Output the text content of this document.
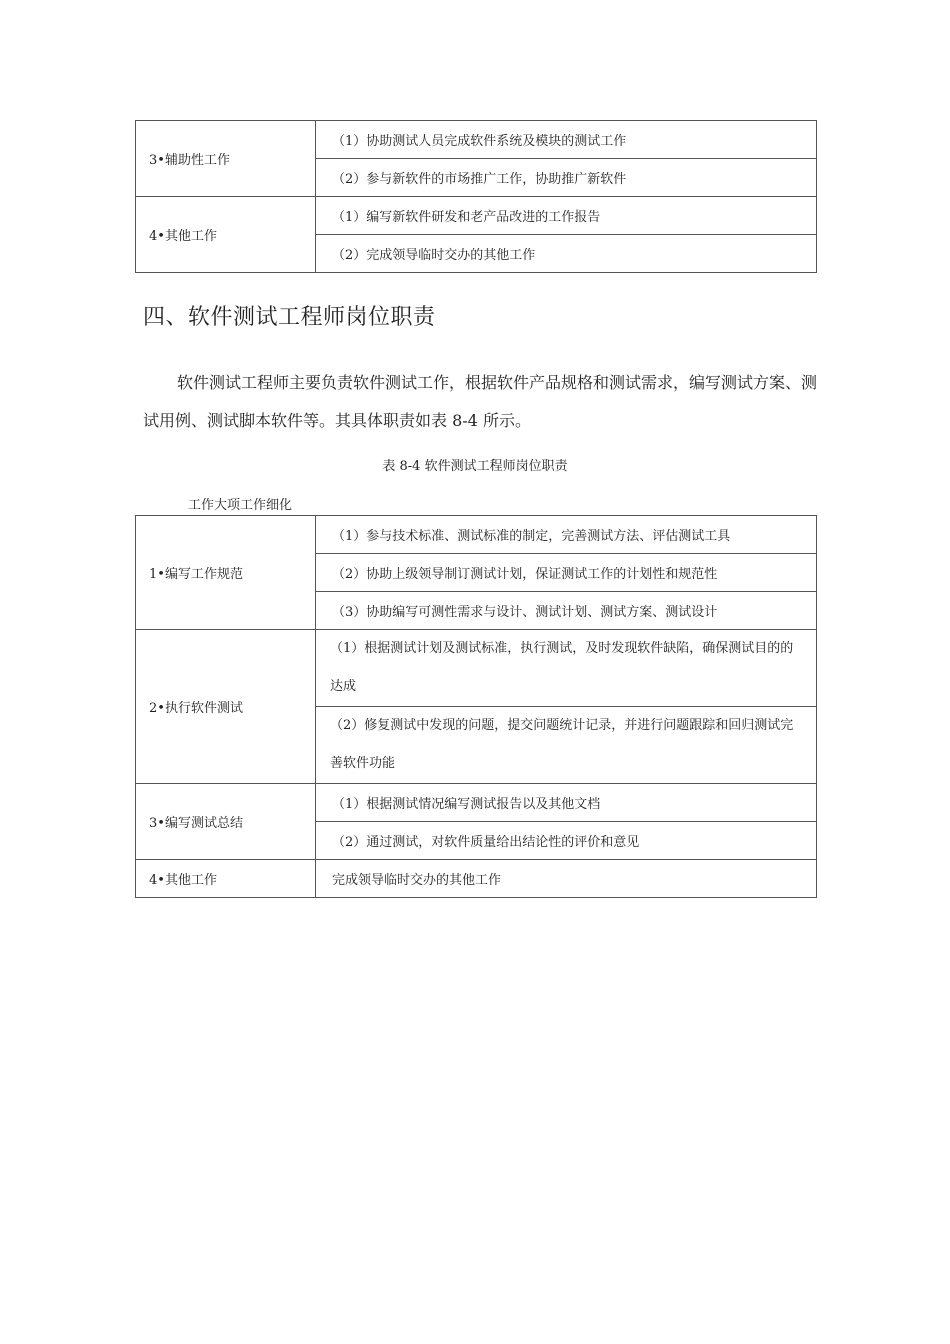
3•辅助性工作	（1）协助测试人员完成软件系统及模块的测试工作
	（2）参与新软件的市场推广工作，协助推广新软件
4•其他工作	（1）编写新软件研发和老产品改进的工作报告
	（2）完成领导临时交办的其他工作
四、软件测试工程师岗位职责

软件测试工程师主要负责软件测试工作，根据软件产品规格和测试需求，编写测试方案、测试用例、测试脚本软件等。其具体职责如表 8-4 所示。

表 8-4 软件测试工程师岗位职责
工作大项工作细化
1•编写工作规范	（1）参与技术标准、测试标准的制定，完善测试方法、评估测试工具
	（2）协助上级领导制订测试计划，保证测试工作的计划性和规范性
	（3）协助编写可测性需求与设计、测试计划、测试方案、测试设计
2•执行软件测试	（1）根据测试计划及测试标准，执行测试，及时发现软件缺陷，确保测试目的的达成
	（2）修复测试中发现的问题，提交问题统计记录，并进行问题跟踪和回归测试完善软件功能
3•编写测试总结	（1）根据测试情况编写测试报告以及其他文档
	（2）通过测试，对软件质量给出结论性的评价和意见
4•其他工作	完成领导临时交办的其他工作
